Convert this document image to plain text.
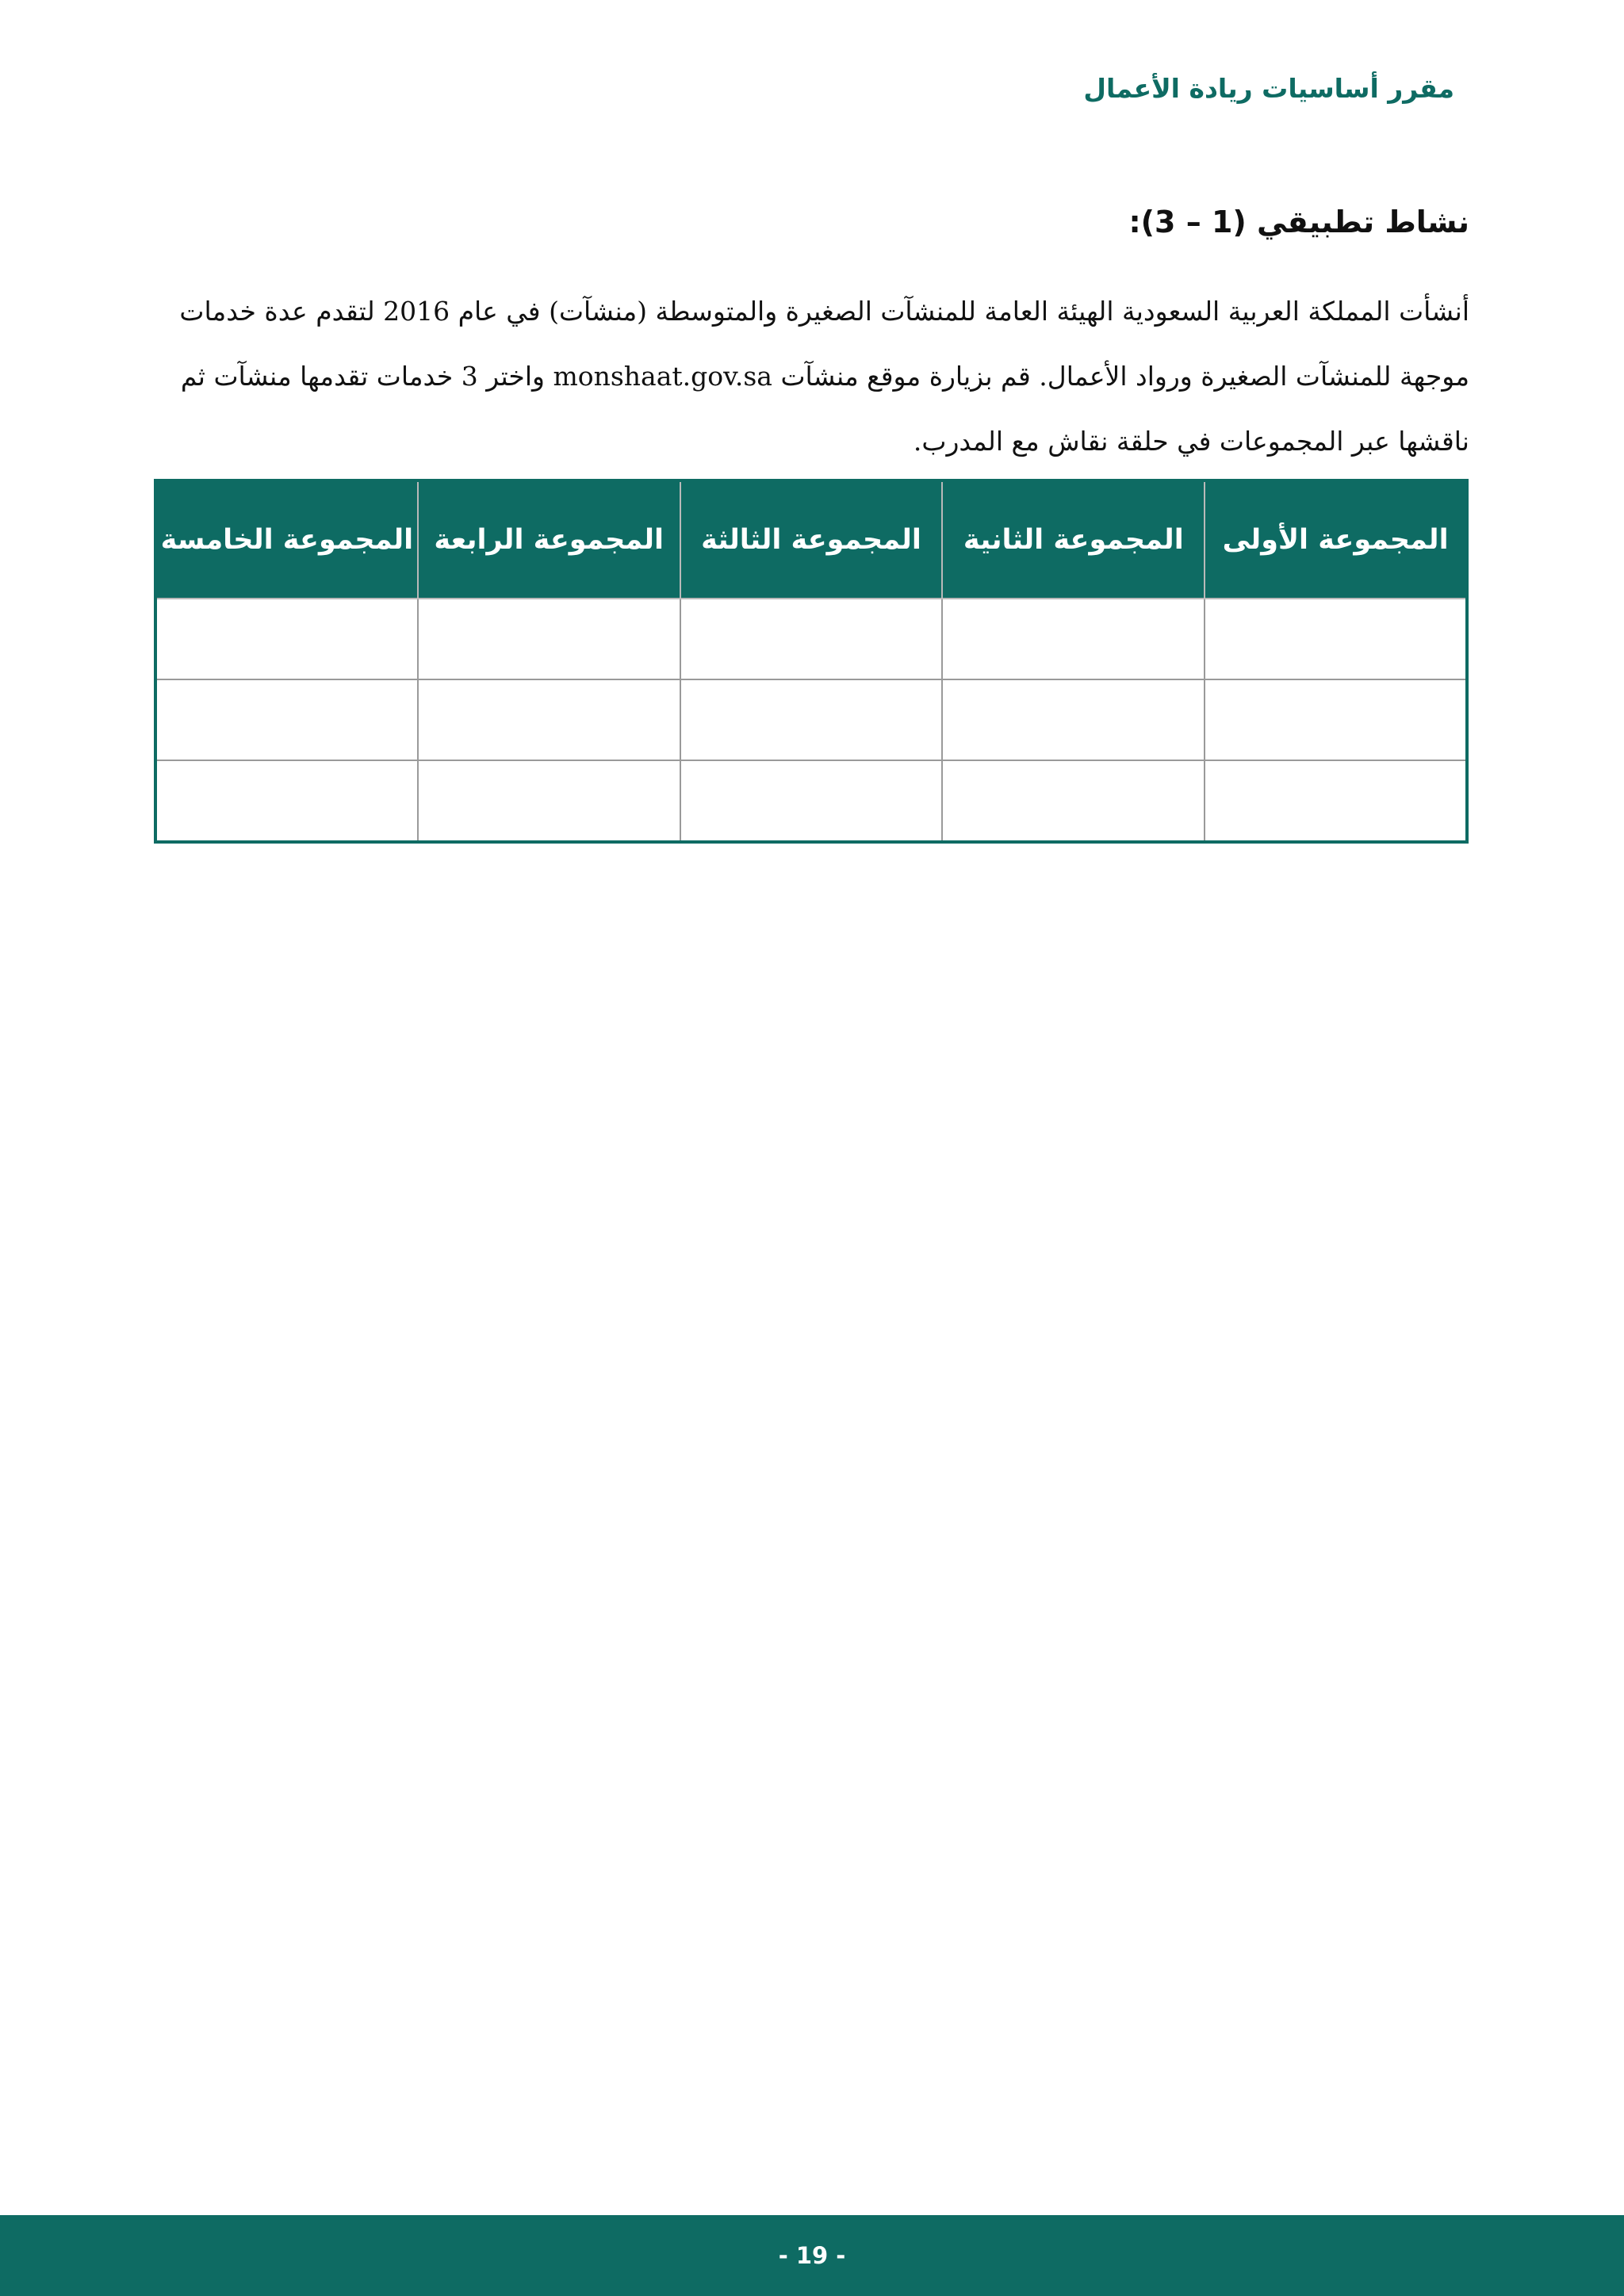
مقرر أساسيات ريادة الأعمال
نشاط تطبيقي (1 – 3):

أنشأت المملكة العربية السعودية الهيئة العامة للمنشآت الصغيرة والمتوسطة (منشآت) في عام 2016 لتقدم عدة خدمات

موجهة للمنشآت الصغيرة ورواد الأعمال. قم بزيارة موقع منشآت monshaat.gov.sa واختر 3 خدمات تقدمها منشآت ثم

ناقشها عبر المجموعات في حلقة نقاش مع المدرب.

المجموعة الأولى	المجموعة الثانية	المجموعة الثالثة	المجموعة الرابعة	المجموعة الخامسة

- 19 -
